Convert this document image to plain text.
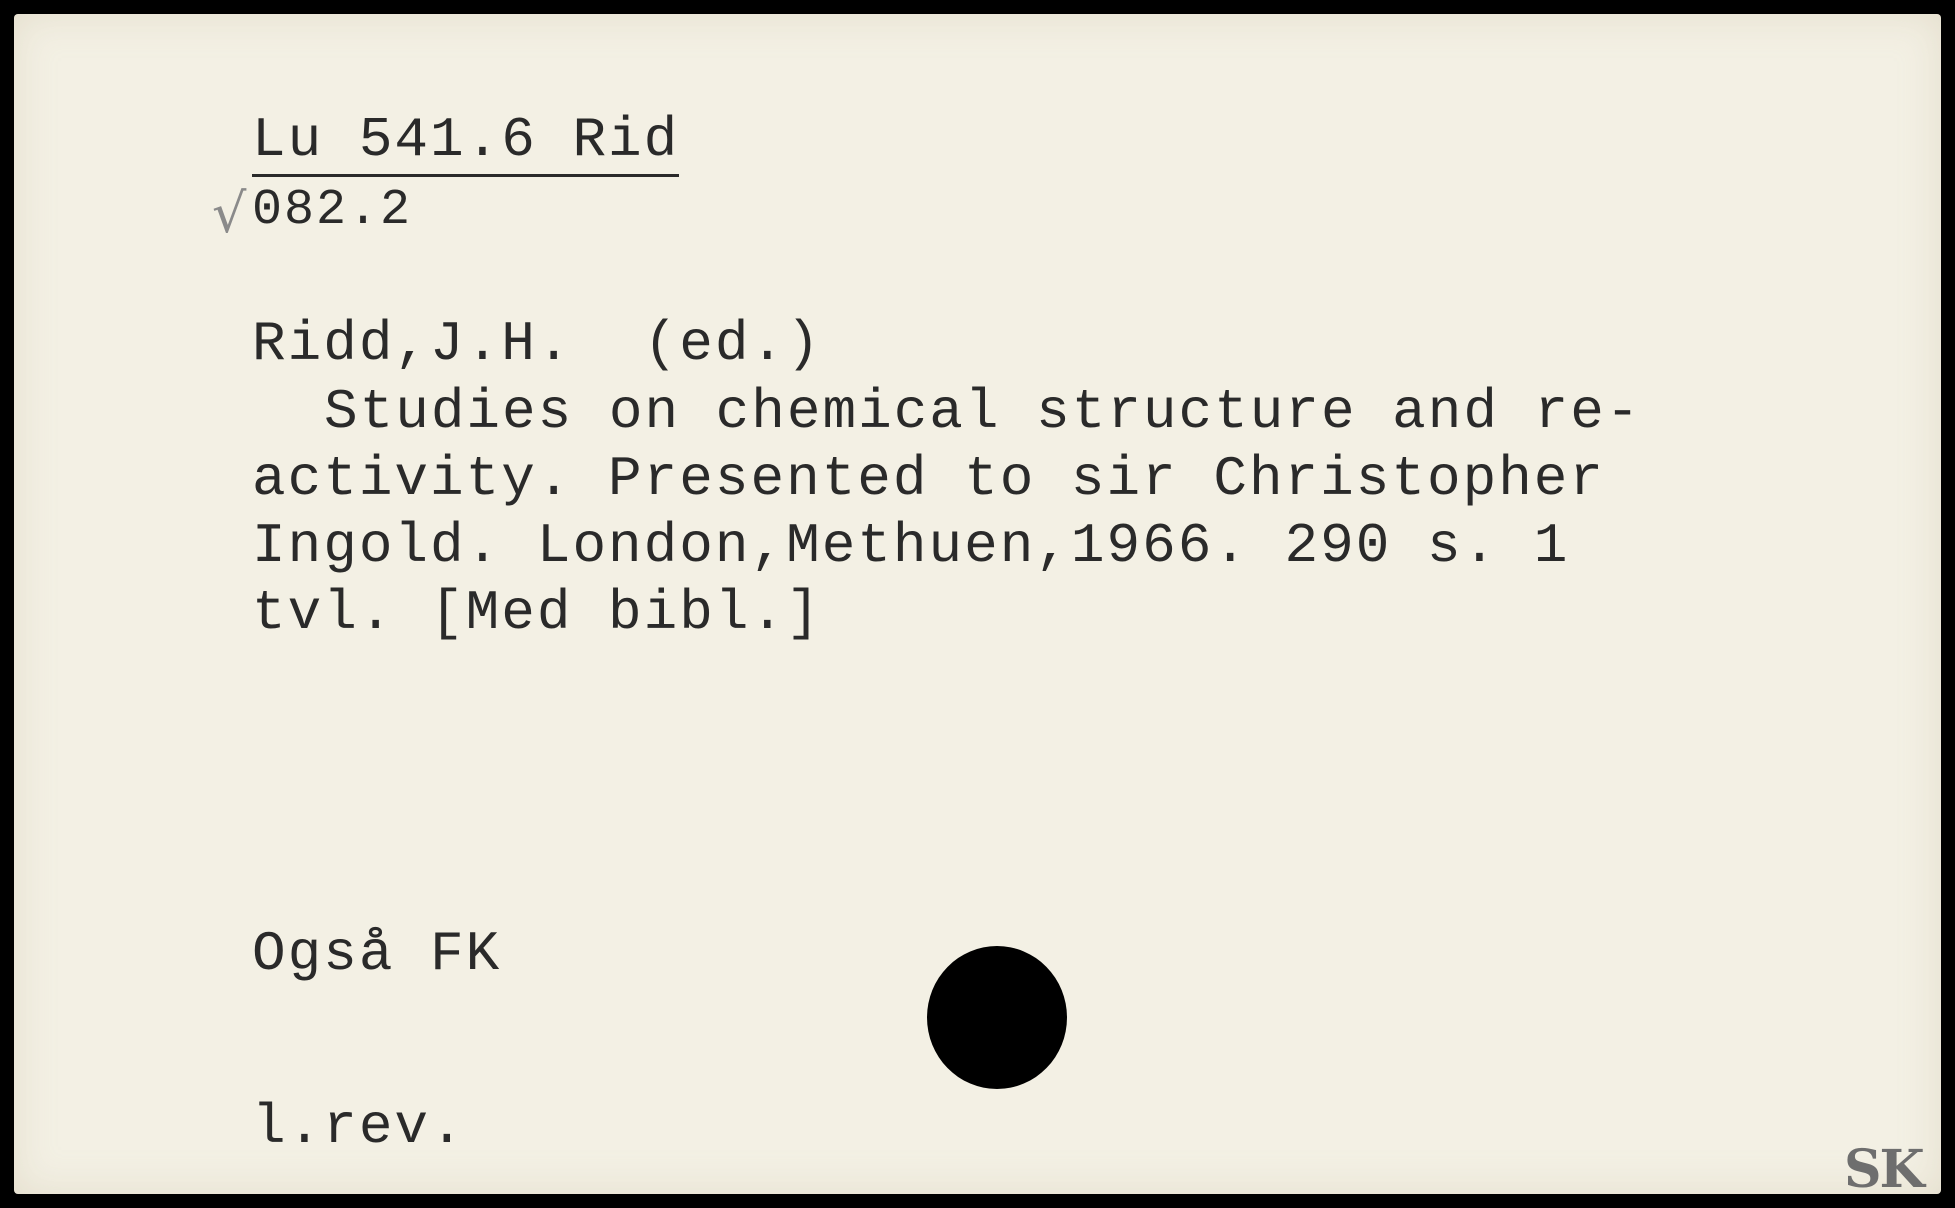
√
Lu 541.6 Rid
082.2
Ridd,J.H.  (ed.)
Studies on chemical structure and re-
activity. Presented to sir Christopher
Ingold. London,Methuen,1966. 290 s. 1
tvl. [Med bibl.]
Også FK
l.rev.
SK
